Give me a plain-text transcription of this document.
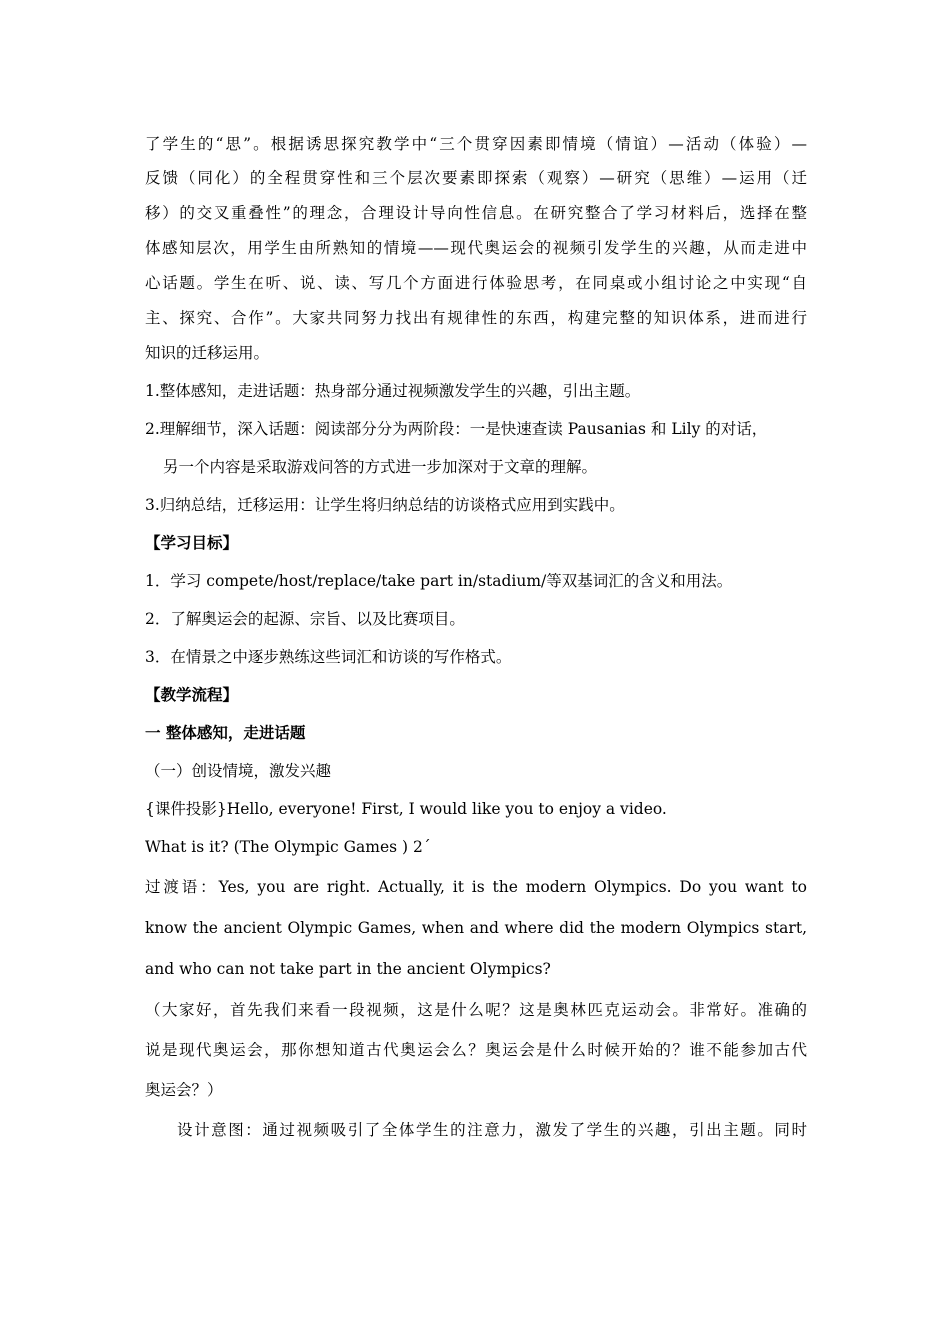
了学生的“思”。根据诱思探究教学中“三个贯穿因素即情境（情谊）—活动（体验）—
反馈（同化）的全程贯穿性和三个层次要素即探索（观察）—研究（思维）—运用（迁
移）的交叉重叠性”的理念，合理设计导向性信息。在研究整合了学习材料后，选择在整
体感知层次，用学生由所熟知的情境——现代奥运会的视频引发学生的兴趣，从而走进中
心话题。学生在听、说、读、写几个方面进行体验思考，在同桌或小组讨论之中实现“自
主、探究、合作”。大家共同努力找出有规律性的东西，构建完整的知识体系，进而进行
知识的迁移运用。
1.整体感知，走进话题：热身部分通过视频激发学生的兴趣，引出主题。
2.理解细节，深入话题：阅读部分分为两阶段：一是快速查读 Pausanias 和 Lily 的对话，
另一个内容是采取游戏问答的方式进一步加深对于文章的理解。
3.归纳总结，迁移运用：让学生将归纳总结的访谈格式应用到实践中。
【学习目标】
1．学习 compete/host/replace/take part in/stadium/等双基词汇的含义和用法。
2．了解奥运会的起源、宗旨、以及比赛项目。
3．在情景之中逐步熟练这些词汇和访谈的写作格式。
【教学流程】
一 整体感知，走进话题
（一）创设情境，激发兴趣
{课件投影}Hello, everyone! First, I would like you to enjoy a video.
What is it? (The Olympic Games ) 2ˊ
过渡语：Yes, you are right. Actually, it is the modern Olympics. Do you want to
know the ancient Olympic Games, when and where did the modern Olympics start,
and who can not take part in the ancient Olympics?
（大家好，首先我们来看一段视频，这是什么呢？这是奥林匹克运动会。非常好。准确的
说是现代奥运会，那你想知道古代奥运会么？奥运会是什么时候开始的？谁不能参加古代
奥运会？）
设计意图：通过视频吸引了全体学生的注意力，激发了学生的兴趣，引出主题。同时
